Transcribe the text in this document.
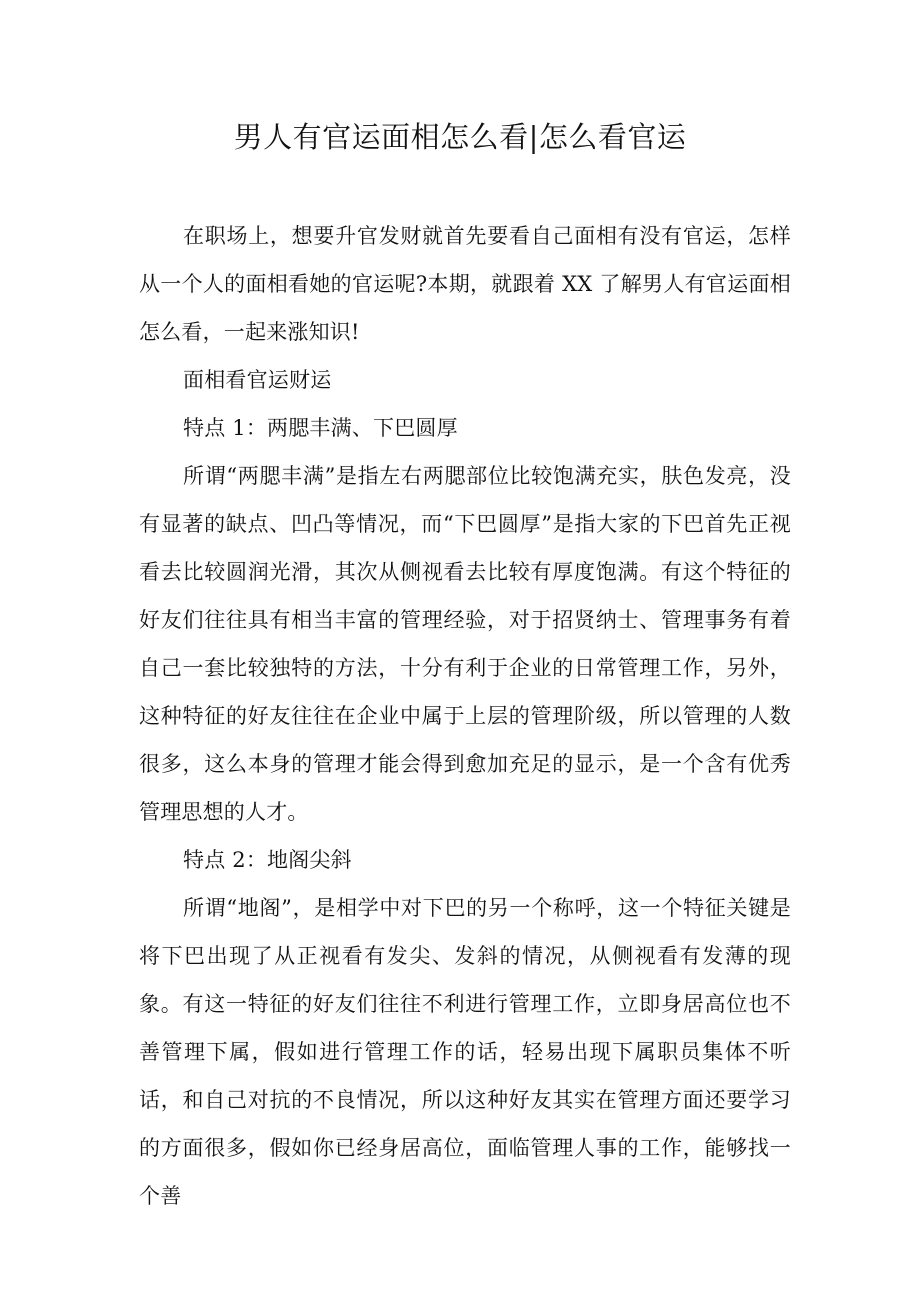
男人有官运面相怎么看|怎么看官运

在职场上，想要升官发财就首先要看自己面相有没有官运，怎样从一个人的面相看她的官运呢?本期，就跟着 XX 了解男人有官运面相怎么看，一起来涨知识!

面相看官运财运

特点 1：两腮丰满、下巴圆厚

所谓“两腮丰满”是指左右两腮部位比较饱满充实，肤色发亮，没有显著的缺点、凹凸等情况，而“下巴圆厚”是指大家的下巴首先正视看去比较圆润光滑，其次从侧视看去比较有厚度饱满。有这个特征的好友们往往具有相当丰富的管理经验，对于招贤纳士、管理事务有着自己一套比较独特的方法，十分有利于企业的日常管理工作，另外，这种特征的好友往往在企业中属于上层的管理阶级，所以管理的人数很多，这么本身的管理才能会得到愈加充足的显示，是一个含有优秀管理思想的人才。

特点 2：地阁尖斜

所谓“地阁”，是相学中对下巴的另一个称呼，这一个特征关键是将下巴出现了从正视看有发尖、发斜的情况，从侧视看有发薄的现象。有这一特征的好友们往往不利进行管理工作，立即身居高位也不善管理下属，假如进行管理工作的话，轻易出现下属职员集体不听话，和自己对抗的不良情况，所以这种好友其实在管理方面还要学习的方面很多，假如你已经身居高位，面临管理人事的工作，能够找一个善
